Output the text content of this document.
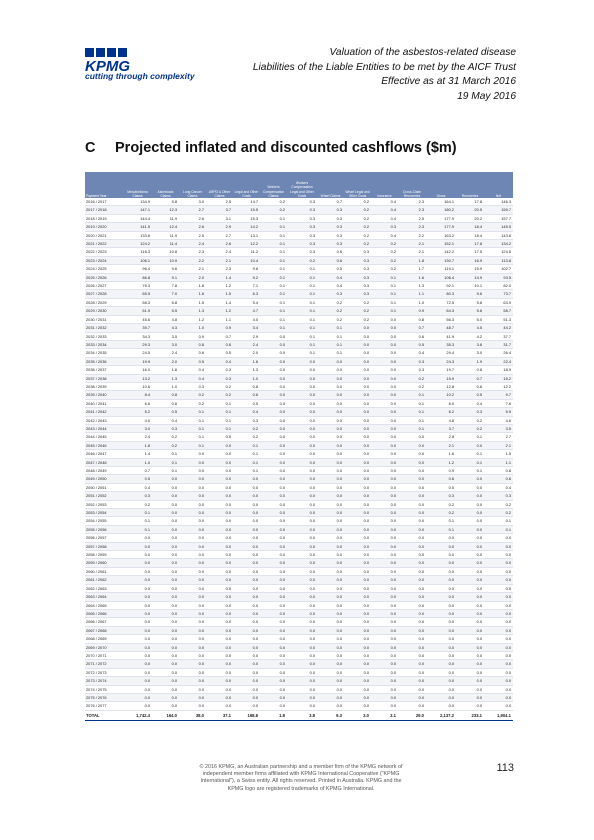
KPMG
cutting through complexity
Valuation of the asbestos-related disease
Liabilities of the Liable Entities to be met by the AICF Trust
Effective as at 31 March 2016
19 May 2016
C Projected inflated and discounted cashflows ($m)
Payment Year	Mesothelioma Claims	Asbestosis Claims	Lung Cancer Claims	ARPD & Other Claims	Legal and Other Costs	Workers Compensation Claims	Workers Compensation Legal and Other Costs	Wharf Claims	Wharf Legal and Other Costs	Insurance	Cross-Claim Recoveries	Gross	Recoveries	Net
2016 / 2017	134.9	5.8	3.0	2.5	14.7	0.2	0.3	0.7	0.2	0.4	2.3	164.1	17.8	146.3
2017 / 2018	147.1	12.3	2.7	3.7	15.5	0.2	0.3	0.3	0.2	0.4	2.3	180.2	20.5	159.7
2018 / 2019	144.4	11.9	2.6	3.1	15.3	0.1	0.3	0.3	0.2	0.4	2.5	177.9	20.2	157.7
2019 / 2020	141.5	12.4	2.6	2.9	14.2	0.1	0.3	0.3	0.2	0.3	2.3	177.9	18.4	145.5
2020 / 2021	133.6	11.9	2.5	2.7	13.1	0.1	0.3	0.3	0.2	0.4	2.2	163.2	18.4	143.6
2021 / 2022	124.2	11.4	2.4	2.6	12.2	0.1	0.3	0.3	0.2	0.2	2.1	152.1	17.8	134.2
2022 / 2023	116.3	10.8	2.3	2.4	11.2	0.1	0.3	0.6	0.3	0.2	2.1	142.2	17.5	124.6
2023 / 2024	106.1	10.9	2.2	2.1	10.4	0.1	0.2	0.6	0.3	0.2	1.8	130.7	16.9	113.8
2024 / 2025	96.4	9.6	2.1	2.3	9.6	0.1	0.1	0.5	0.3	0.2	1.7	119.1	15.9	102.7
2025 / 2026	86.8	9.1	2.0	1.4	9.2	0.1	0.1	0.4	0.3	0.1	1.6	106.4	14.9	93.5
2026 / 2027	76.3	7.8	1.8	1.2	7.1	0.1	0.1	0.4	0.3	0.1	1.3	92.1	10.1	82.0
2027 / 2028	65.5	7.0	1.6	1.5	6.3	0.1	0.1	0.3	0.3	0.1	1.1	80.3	9.6	73.7
2028 / 2029	58.3	6.8	1.5	1.4	5.4	0.1	0.1	0.2	0.2	0.1	1.0	72.5	5.6	63.9
2029 / 2030	51.9	5.5	1.3	1.2	4.7	0.1	0.1	0.2	0.2	0.1	0.9	64.3	5.6	58.7
2030 / 2031	45.6	4.8	1.2	1.1	4.0	0.1	0.1	0.2	0.2	0.0	0.8	56.3	5.0	51.3
2031 / 2032	39.7	4.3	1.0	0.9	3.4	0.1	0.1	0.1	0.0	0.0	0.7	48.7	4.5	44.2
2032 / 2033	34.3	3.5	0.9	0.7	2.9	0.0	0.1	0.1	0.0	0.0	0.6	41.9	4.2	37.7
2033 / 2034	29.3	3.0	0.8	0.6	2.4	0.0	0.1	0.1	0.0	0.0	0.5	35.3	3.6	31.7
2034 / 2035	24.5	2.4	0.6	0.5	2.0	0.0	0.1	0.1	0.0	0.0	0.4	29.4	3.0	26.4
2035 / 2036	19.9	2.0	0.5	0.4	1.6	0.0	0.0	0.0	0.0	0.0	0.3	24.3	1.9	22.4
2036 / 2037	16.0	1.6	0.4	0.3	1.3	0.0	0.0	0.0	0.0	0.0	0.3	19.7	0.8	18.9
2037 / 2038	13.2	1.3	0.4	0.3	1.0	0.0	0.0	0.0	0.0	0.0	0.2	15.9	0.7	15.2
2038 / 2039	10.6	1.0	0.3	0.2	0.8	0.0	0.0	0.0	0.0	0.0	0.2	12.8	0.6	12.2
2039 / 2040	8.4	0.8	0.2	0.2	0.6	0.0	0.0	0.0	0.0	0.0	0.1	10.2	0.5	9.7
2040 / 2041	6.6	0.6	0.2	0.1	0.5	0.0	0.0	0.0	0.0	0.0	0.1	8.0	0.4	7.6
2041 / 2042	5.2	0.5	0.1	0.1	0.4	0.0	0.0	0.0	0.0	0.0	0.1	6.2	0.3	5.9
2042 / 2043	4.0	0.4	0.1	0.1	0.3	0.0	0.0	0.0	0.0	0.0	0.1	4.8	0.2	4.6
2043 / 2044	3.0	0.3	0.1	0.1	0.2	0.0	0.0	0.0	0.0	0.0	0.1	3.7	0.2	3.5
2044 / 2045	2.4	0.2	0.1	0.0	0.2	0.0	0.0	0.0	0.0	0.0	0.0	2.8	0.1	2.7
2045 / 2046	1.8	0.2	0.1	0.0	0.1	0.0	0.0	0.0	0.0	0.0	0.0	2.1	0.0	2.1
2046 / 2047	1.4	0.1	0.0	0.0	0.1	0.0	0.0	0.0	0.0	0.0	0.0	1.6	0.1	1.5
2047 / 2048	1.0	0.1	0.0	0.0	0.1	0.0	0.0	0.0	0.0	0.0	0.0	1.2	0.1	1.1
2048 / 2049	0.7	0.1	0.0	0.0	0.1	0.0	0.0	0.0	0.0	0.0	0.0	0.9	0.1	0.8
2049 / 2050	0.5	0.0	0.0	0.0	0.0	0.0	0.0	0.0	0.0	0.0	0.0	0.6	0.0	0.6
2050 / 2051	0.4	0.0	0.0	0.0	0.0	0.0	0.0	0.0	0.0	0.0	0.0	0.5	0.0	0.4
2051 / 2052	0.3	0.0	0.0	0.0	0.0	0.0	0.0	0.0	0.0	0.0	0.0	0.3	0.0	0.3
2052 / 2053	0.2	0.0	0.0	0.0	0.0	0.0	0.0	0.0	0.0	0.0	0.0	0.2	0.0	0.2
2053 / 2054	0.1	0.0	0.0	0.0	0.0	0.0	0.0	0.0	0.0	0.0	0.0	0.2	0.0	0.2
2054 / 2055	0.1	0.0	0.0	0.0	0.0	0.0	0.0	0.0	0.0	0.0	0.0	0.1	0.0	0.1
2055 / 2056	0.1	0.0	0.0	0.0	0.0	0.0	0.0	0.0	0.0	0.0	0.0	0.1	0.0	0.1
2056 / 2057	0.0	0.0	0.0	0.0	0.0	0.0	0.0	0.0	0.0	0.0	0.0	0.0	0.0	0.0
2057 / 2058	0.0	0.0	0.0	0.0	0.0	0.0	0.0	0.0	0.0	0.0	0.0	0.0	0.0	0.0
2058 / 2059	0.0	0.0	0.0	0.0	0.0	0.0	0.0	0.0	0.0	0.0	0.0	0.0	0.0	0.0
2059 / 2060	0.0	0.0	0.0	0.0	0.0	0.0	0.0	0.0	0.0	0.0	0.0	0.0	0.0	0.0
2060 / 2061	0.0	0.0	0.0	0.0	0.0	0.0	0.0	0.0	0.0	0.0	0.0	0.0	0.0	0.0
2061 / 2062	0.0	0.0	0.0	0.0	0.0	0.0	0.0	0.0	0.0	0.0	0.0	0.0	0.0	0.0
2062 / 2063	0.0	0.0	0.0	0.0	0.0	0.0	0.0	0.0	0.0	0.0	0.0	0.0	0.0	0.0
2063 / 2064	0.0	0.0	0.0	0.0	0.0	0.0	0.0	0.0	0.0	0.0	0.0	0.0	0.0	0.0
2064 / 2065	0.0	0.0	0.0	0.0	0.0	0.0	0.0	0.0	0.0	0.0	0.0	0.0	0.0	0.0
2065 / 2066	0.0	0.0	0.0	0.0	0.0	0.0	0.0	0.0	0.0	0.0	0.0	0.0	0.0	0.0
2066 / 2067	0.0	0.0	0.0	0.0	0.0	0.0	0.0	0.0	0.0	0.0	0.0	0.0	0.0	0.0
2067 / 2068	0.0	0.0	0.0	0.0	0.0	0.0	0.0	0.0	0.0	0.0	0.0	0.0	0.0	0.0
2068 / 2069	0.0	0.0	0.0	0.0	0.0	0.0	0.0	0.0	0.0	0.0	0.0	0.0	0.0	0.0
2069 / 2070	0.0	0.0	0.0	0.0	0.0	0.0	0.0	0.0	0.0	0.0	0.0	0.0	0.0	0.0
2070 / 2071	0.0	0.0	0.0	0.0	0.0	0.0	0.0	0.0	0.0	0.0	0.0	0.0	0.0	0.0
2071 / 2072	0.0	0.0	0.0	0.0	0.0	0.0	0.0	0.0	0.0	0.0	0.0	0.0	0.0	0.0
2072 / 2073	0.0	0.0	0.0	0.0	0.0	0.0	0.0	0.0	0.0	0.0	0.0	0.0	0.0	0.0
2073 / 2074	0.0	0.0	0.0	0.0	0.0	0.0	0.0	0.0	0.0	0.0	0.0	0.0	0.0	0.0
2074 / 2075	0.0	0.0	0.0	0.0	0.0	0.0	0.0	0.0	0.0	0.0	0.0	0.0	0.0	0.0
2075 / 2076	0.0	0.0	0.0	0.0	0.0	0.0	0.0	0.0	0.0	0.0	0.0	0.0	0.0	0.0
2076 / 2077	0.0	0.0	0.0	0.0	0.0	0.0	0.0	0.0	0.0	0.0	0.0	0.0	0.0	0.0
TOTAL	1,742.4	164.0	38.0	37.1	168.8	1.8	3.8	9.3	3.0	3.1	29.0	2,137.2	233.1	1,904.1
© 2016 KPMG, an Australian partnership and a member firm of the KPMG network of independent member firms affiliated with KPMG International Cooperative ("KPMG International"), a Swiss entity. All rights reserved. Printed in Australia. KPMG and the KPMG logo are registered trademarks of KPMG International.
113
